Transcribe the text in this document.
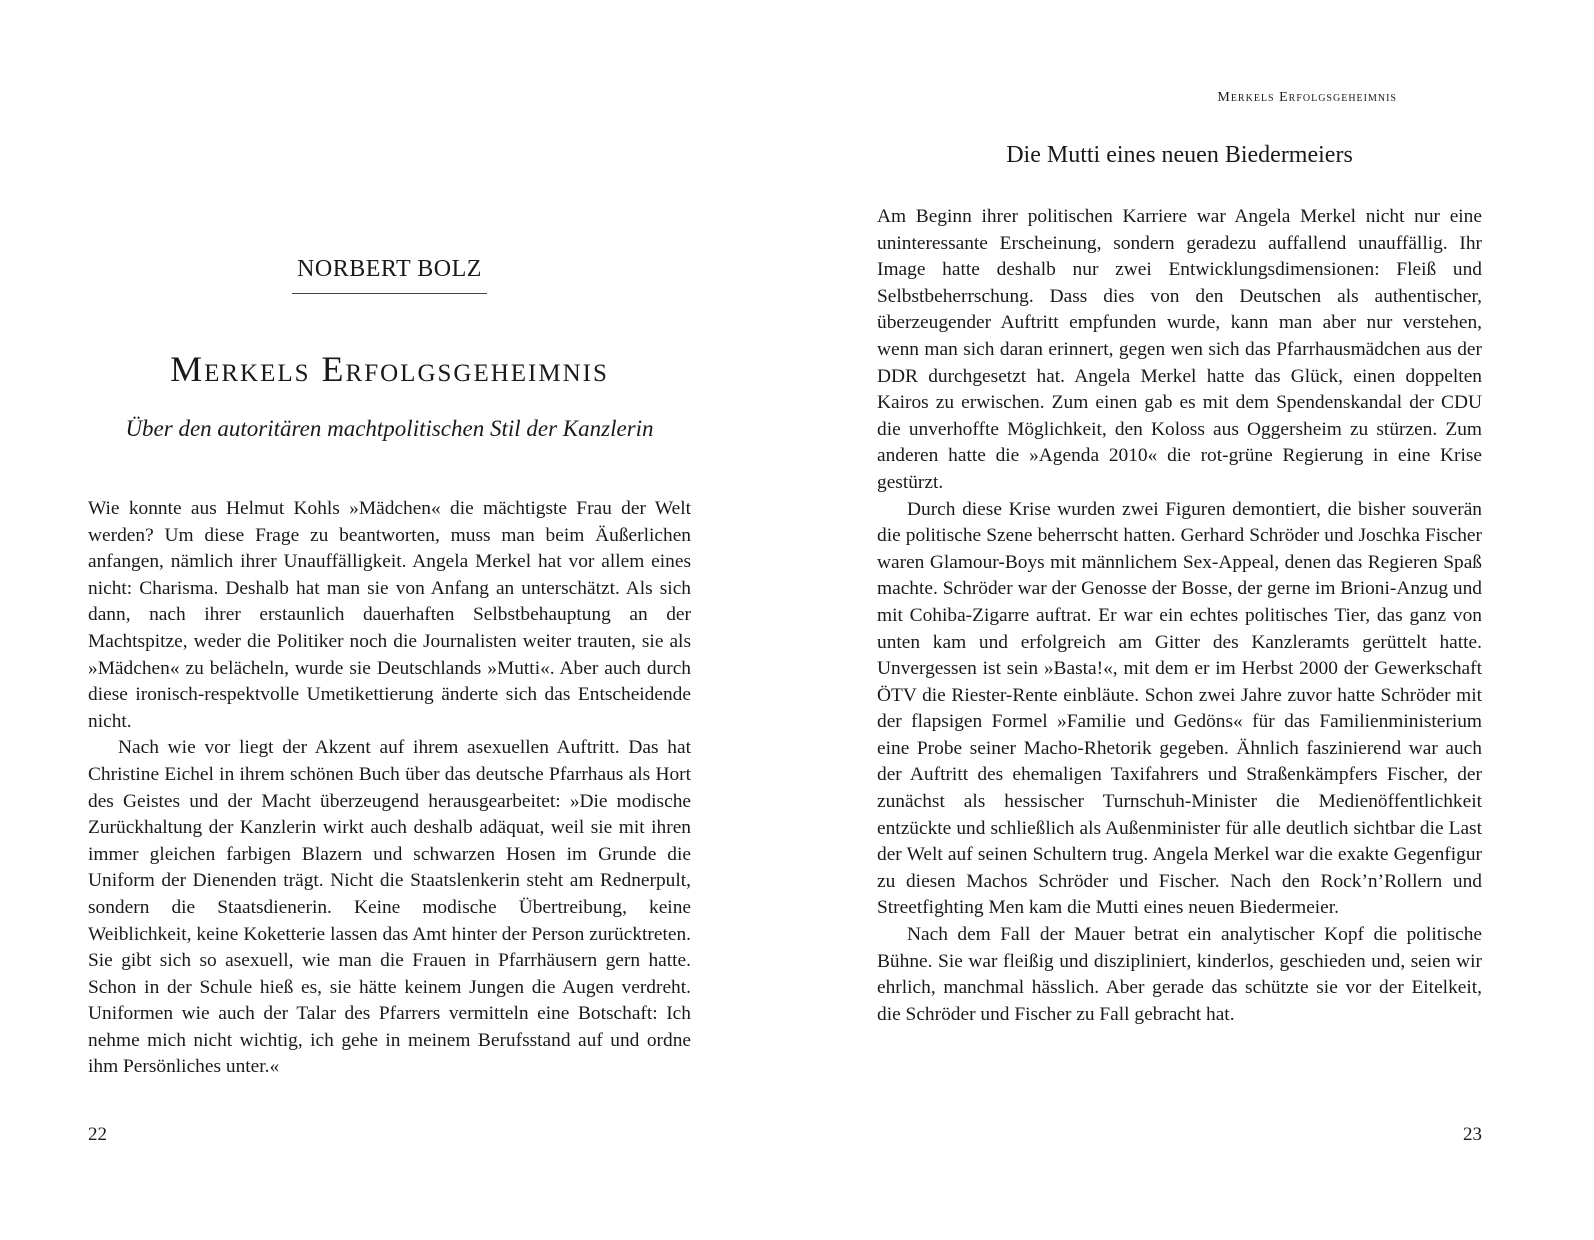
NORBERT BOLZ
Merkels Erfolgsgeheimnis
Über den autoritären machtpolitischen Stil der Kanzlerin

Wie konnte aus Helmut Kohls »Mädchen« die mächtigste Frau der Welt werden? Um diese Frage zu beantworten, muss man beim Äußerlichen anfangen, nämlich ihrer Unauffälligkeit. Angela Merkel hat vor allem eines nicht: Charisma. Deshalb hat man sie von Anfang an unterschätzt. Als sich dann, nach ihrer erstaunlich dauerhaften Selbstbehauptung an der Machtspitze, weder die Politiker noch die Journalisten weiter trauten, sie als »Mädchen« zu belächeln, wurde sie Deutschlands »Mutti«. Aber auch durch diese ironisch-respektvolle Umetikettierung änderte sich das Entscheidende nicht.

Nach wie vor liegt der Akzent auf ihrem asexuellen Auftritt. Das hat Christine Eichel in ihrem schönen Buch über das deutsche Pfarrhaus als Hort des Geistes und der Macht überzeugend herausgearbeitet: »Die modische Zurückhaltung der Kanzlerin wirkt auch deshalb adäquat, weil sie mit ihren immer gleichen farbigen Blazern und schwarzen Hosen im Grunde die Uniform der Dienenden trägt. Nicht die Staatslenkerin steht am Rednerpult, sondern die Staatsdienerin. Keine modische Übertreibung, keine Weiblichkeit, keine Koketterie lassen das Amt hinter der Person zurücktreten. Sie gibt sich so asexuell, wie man die Frauen in Pfarrhäusern gern hatte. Schon in der Schule hieß es, sie hätte keinem Jungen die Augen verdreht. Uniformen wie auch der Talar des Pfarrers vermitteln eine Botschaft: Ich nehme mich nicht wichtig, ich gehe in meinem Berufsstand auf und ordne ihm Persönliches unter.«

22
Merkels Erfolgsgeheimnis
Die Mutti eines neuen Biedermeiers

Am Beginn ihrer politischen Karriere war Angela Merkel nicht nur eine uninteressante Erscheinung, sondern geradezu auffallend unauffällig. Ihr Image hatte deshalb nur zwei Entwicklungsdimensionen: Fleiß und Selbstbeherrschung. Dass dies von den Deutschen als authentischer, überzeugender Auftritt empfunden wurde, kann man aber nur verstehen, wenn man sich daran erinnert, gegen wen sich das Pfarrhausmädchen aus der DDR durchgesetzt hat. Angela Merkel hatte das Glück, einen doppelten Kairos zu erwischen. Zum einen gab es mit dem Spendenskandal der CDU die unverhoffte Möglichkeit, den Koloss aus Oggersheim zu stürzen. Zum anderen hatte die »Agenda 2010« die rot-grüne Regierung in eine Krise gestürzt.

Durch diese Krise wurden zwei Figuren demontiert, die bisher souverän die politische Szene beherrscht hatten. Gerhard Schröder und Joschka Fischer waren Glamour-Boys mit männlichem Sex-Appeal, denen das Regieren Spaß machte. Schröder war der Genosse der Bosse, der gerne im Brioni-Anzug und mit Cohiba-Zigarre auftrat. Er war ein echtes politisches Tier, das ganz von unten kam und erfolgreich am Gitter des Kanzleramts gerüttelt hatte. Unvergessen ist sein »Basta!«, mit dem er im Herbst 2000 der Gewerkschaft ÖTV die Riester-Rente einbläute. Schon zwei Jahre zuvor hatte Schröder mit der flapsigen Formel »Familie und Gedöns« für das Familienministerium eine Probe seiner Macho-Rhetorik gegeben. Ähnlich faszinierend war auch der Auftritt des ehemaligen Taxifahrers und Straßenkämpfers Fischer, der zunächst als hessischer Turnschuh-Minister die Medienöffentlichkeit entzückte und schließlich als Außenminister für alle deutlich sichtbar die Last der Welt auf seinen Schultern trug. Angela Merkel war die exakte Gegenfigur zu diesen Machos Schröder und Fischer. Nach den Rock’n’Rollern und Streetfighting Men kam die Mutti eines neuen Biedermeier.

Nach dem Fall der Mauer betrat ein analytischer Kopf die politische Bühne. Sie war fleißig und diszipliniert, kinderlos, geschieden und, seien wir ehrlich, manchmal hässlich. Aber gerade das schützte sie vor der Eitelkeit, die Schröder und Fischer zu Fall gebracht hat.

23
